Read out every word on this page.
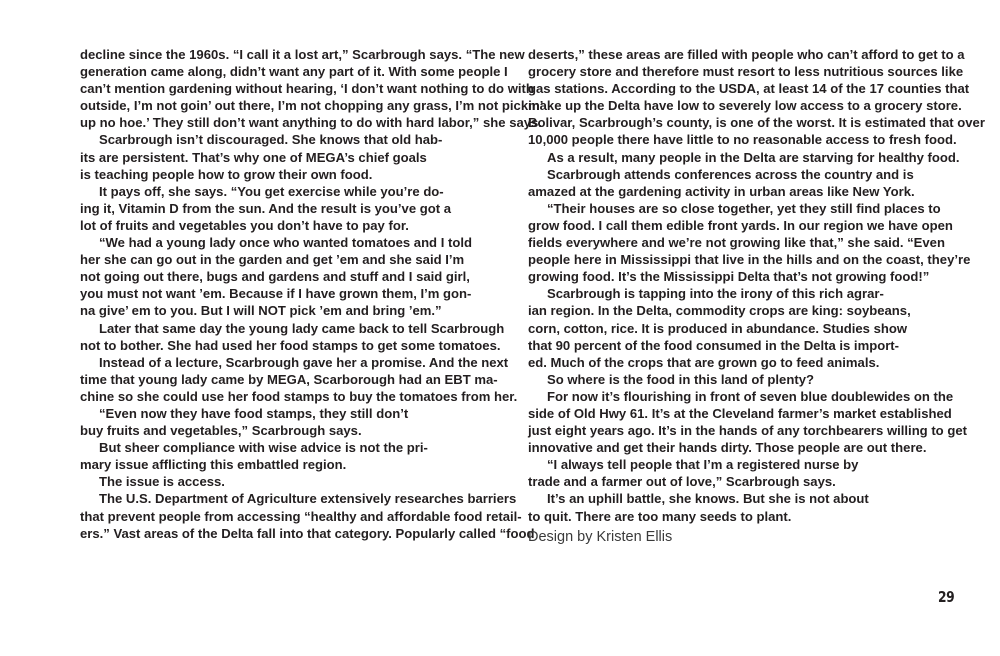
decline since the 1960s. “I call it a lost art,” Scarbrough says. “The new
generation came along, didn’t want any part of it. With some people I
can’t mention gardening without hearing, ‘I don’t want nothing to do with
outside, I’m not goin’ out there, I’m not chopping any grass, I’m not pickin’
up no hoe.’ They still don’t want anything to do with hard labor,” she says.
Scarbrough isn’t discouraged. She knows that old hab-
its are persistent. That’s why one of MEGA’s chief goals
is teaching people how to grow their own food.
It pays off, she says. “You get exercise while you’re do-
ing it, Vitamin D from the sun. And the result is you’ve got a
lot of fruits and vegetables you don’t have to pay for.
“We had a young lady once who wanted tomatoes and I told
her she can go out in the garden and get ’em and she said I’m
not going out there, bugs and gardens and stuff and I said girl,
you must not want ’em. Because if I have grown them, I’m gon-
na give’ em to you. But I will NOT pick ’em and bring ’em.”
Later that same day the young lady came back to tell Scarbrough
not to bother. She had used her food stamps to get some tomatoes.
Instead of a lecture, Scarbrough gave her a promise. And the next
time that young lady came by MEGA, Scarborough had an EBT ma-
chine so she could use her food stamps to buy the tomatoes from her.
“Even now they have food stamps, they still don’t
buy fruits and vegetables,” Scarbrough says.
But sheer compliance with wise advice is not the pri-
mary issue afflicting this embattled region.
The issue is access.
The U.S. Department of Agriculture extensively researches barriers
that prevent people from accessing “healthy and affordable food retail-
ers.” Vast areas of the Delta fall into that category. Popularly called “food
deserts,” these areas are filled with people who can’t afford to get to a
grocery store and therefore must resort to less nutritious sources like
gas stations. According to the USDA, at least 14 of the 17 counties that
make up the Delta have low to severely low access to a grocery store.
Bolivar, Scarbrough’s county, is one of the worst. It is estimated that over
10,000 people there have little to no reasonable access to fresh food.
As a result, many people in the Delta are starving for healthy food.
Scarbrough attends conferences across the country and is
amazed at the gardening activity in urban areas like New York.
“Their houses are so close together, yet they still find places to
grow food. I call them edible front yards. In our region we have open
fields everywhere and we’re not growing like that,” she said. “Even
people here in Mississippi that live in the hills and on the coast, they’re
growing food. It’s the Mississippi Delta that’s not growing food!”
Scarbrough is tapping into the irony of this rich agrar-
ian region. In the Delta, commodity crops are king: soybeans,
corn, cotton, rice. It is produced in abundance. Studies show
that 90 percent of the food consumed in the Delta is import-
ed. Much of the crops that are grown go to feed animals.
So where is the food in this land of plenty?
For now it’s flourishing in front of seven blue doublewides on the
side of Old Hwy 61. It’s at the Cleveland farmer’s market established
just eight years ago. It’s in the hands of any torchbearers willing to get
innovative and get their hands dirty. Those people are out there.
“I always tell people that I’m a registered nurse by
trade and a farmer out of love,” Scarbrough says.
It’s an uphill battle, she knows. But she is not about
to quit. There are too many seeds to plant.
Design by Kristen Ellis
29
